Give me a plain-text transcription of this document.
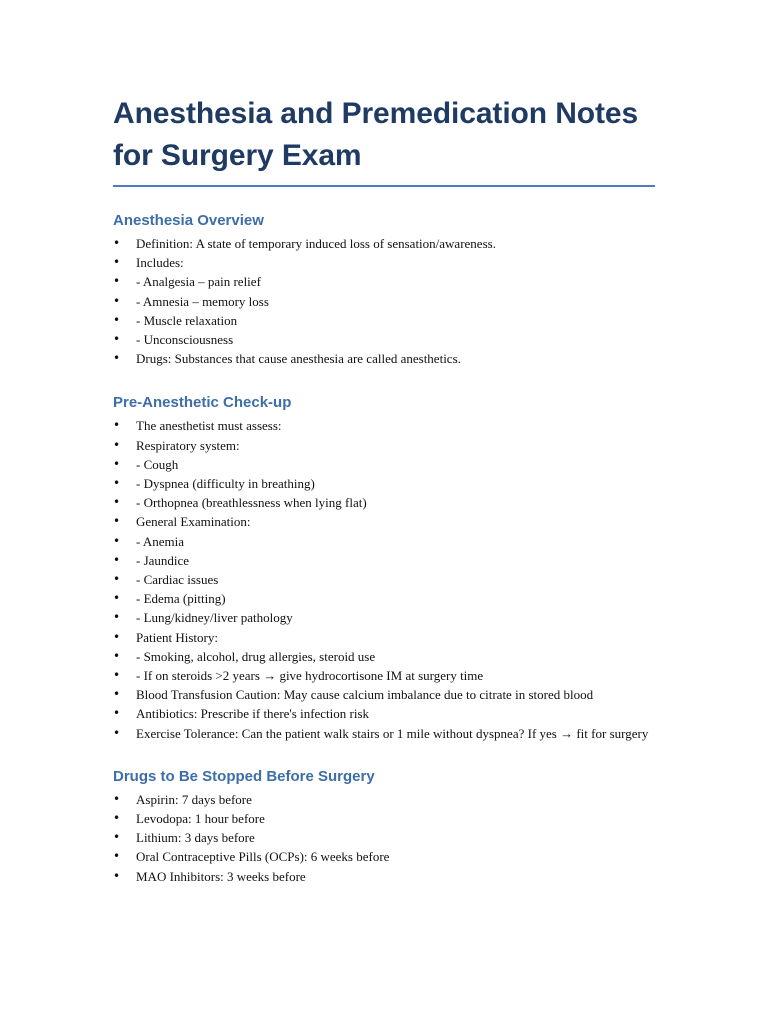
Anesthesia and Premedication Notes for Surgery Exam
Anesthesia Overview
•	Definition: A state of temporary induced loss of sensation/awareness.
•	Includes:
•	- Analgesia – pain relief
•	- Amnesia – memory loss
•	- Muscle relaxation
•	- Unconsciousness
•	Drugs: Substances that cause anesthesia are called anesthetics.
Pre-Anesthetic Check-up
•	The anesthetist must assess:
•	Respiratory system:
•	- Cough
•	- Dyspnea (difficulty in breathing)
•	- Orthopnea (breathlessness when lying flat)
•	General Examination:
•	- Anemia
•	- Jaundice
•	- Cardiac issues
•	- Edema (pitting)
•	- Lung/kidney/liver pathology
•	Patient History:
•	- Smoking, alcohol, drug allergies, steroid use
•	- If on steroids >2 years → give hydrocortisone IM at surgery time
•	Blood Transfusion Caution: May cause calcium imbalance due to citrate in stored blood
•	Antibiotics: Prescribe if there's infection risk
•	Exercise Tolerance: Can the patient walk stairs or 1 mile without dyspnea? If yes → fit for surgery
Drugs to Be Stopped Before Surgery
•	Aspirin: 7 days before
•	Levodopa: 1 hour before
•	Lithium: 3 days before
•	Oral Contraceptive Pills (OCPs): 6 weeks before
•	MAO Inhibitors: 3 weeks before
